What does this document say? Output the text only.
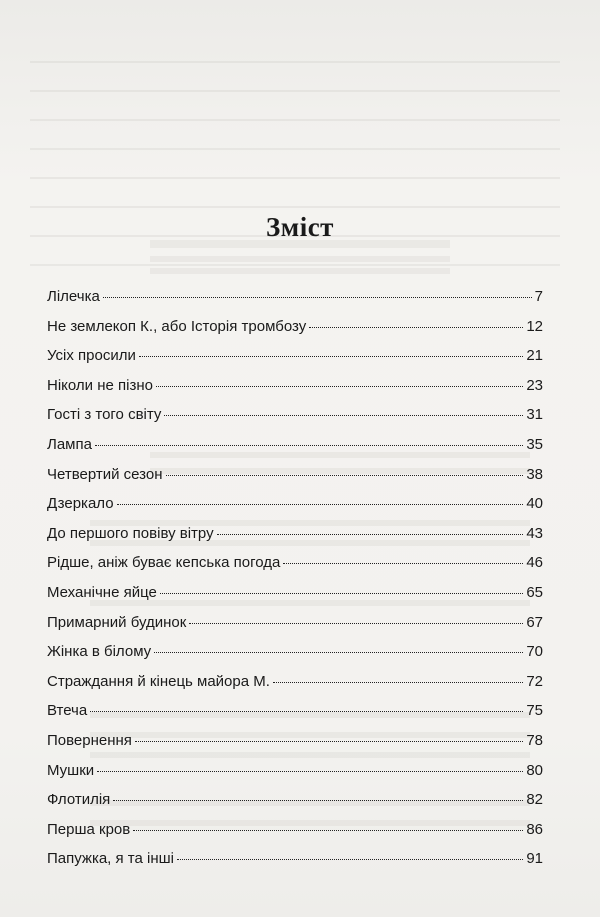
Зміст
Лілечка	7
Не землекоп К., або Історія тромбозу	12
Усіх просили	21
Ніколи не пізно	23
Гості з того світу	31
Лампа	35
Четвертий сезон	38
Дзеркало	40
До першого повіву вітру	43
Рідше, аніж буває кепська погода	46
Механічне яйце	65
Примарний будинок	67
Жінка в білому	70
Страждання й кінець майора М.	72
Втеча	75
Повернення	78
Мушки	80
Флотилія	82
Перша кров	86
Папужка, я та інші	91
